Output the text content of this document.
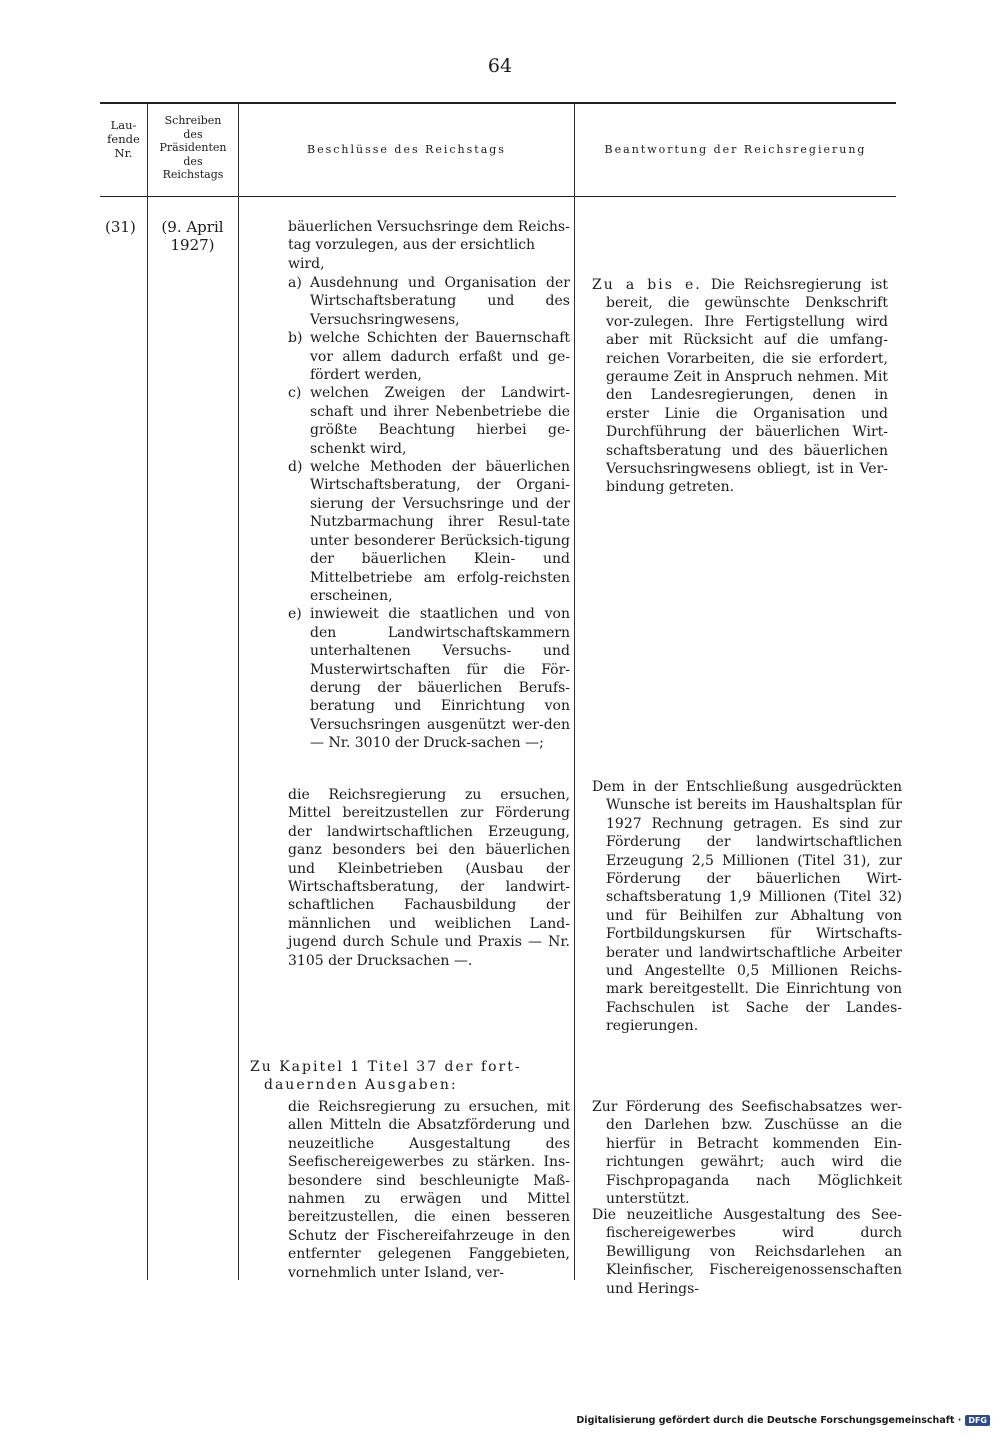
64
Lau-
fende
Nr.
Schreiben
des
Präsidenten
des
Reichstags
Beschlüsse des Reichstags	Beantwortung der Reichsregierung
(31)	(9. April
1927)
bäuerlichen Versuchsringe dem Reichs-
tag vorzulegen, aus der ersichtlich
wird,
a) Ausdehnung und Organisation der Wirtschaftsberatung und des Versuchsringwesens,
b) welche Schichten der Bauernschaft vor allem dadurch erfaßt und ge-fördert werden,
c) welchen Zweigen der Landwirt-schaft und ihrer Nebenbetriebe die größte Beachtung hierbei ge-schenkt wird,
d) welche Methoden der bäuerlichen Wirtschaftsberatung, der Organi-sierung der Versuchsringe und der Nutzbarmachung ihrer Resul-tate unter besonderer Berücksich-tigung der bäuerlichen Klein- und Mittelbetriebe am erfolg-reichsten erscheinen,
e) inwieweit die staatlichen und von den Landwirtschaftskammern unterhaltenen Versuchs- und Musterwirtschaften für die För-derung der bäuerlichen Berufs-beratung und Einrichtung von Versuchsringen ausgenützt wer-den — Nr. 3010 der Druck-sachen —;
die Reichsregierung zu ersuchen, Mittel bereitzustellen zur Förderung der landwirtschaftlichen Erzeugung, ganz besonders bei den bäuerlichen und Kleinbetrieben (Ausbau der Wirtschaftsberatung, der landwirt-schaftlichen Fachausbildung der männlichen und weiblichen Land-jugend durch Schule und Praxis — Nr. 3105 der Drucksachen —.
Zu Kapitel 1 Titel 37 der fort-dauernden Ausgaben:
die Reichsregierung zu ersuchen, mit allen Mitteln die Absatzförderung und neuzeitliche Ausgestaltung des Seefischereigewerbes zu stärken. Ins-besondere sind beschleunigte Maß-nahmen zu erwägen und Mittel bereitzustellen, die einen besseren Schutz der Fischereifahrzeuge in den entfernter gelegenen Fanggebieten, vornehmlich unter Island, ver-
Zu a bis e. Die Reichsregierung ist bereit, die gewünschte Denkschrift vor-zulegen. Ihre Fertigstellung wird aber mit Rücksicht auf die umfang-reichen Vorarbeiten, die sie erfordert, geraume Zeit in Anspruch nehmen. Mit den Landesregierungen, denen in erster Linie die Organisation und Durchführung der bäuerlichen Wirt-schaftsberatung und des bäuerlichen Versuchsringwesens obliegt, ist in Ver-bindung getreten.
Dem in der Entschließung ausgedrückten Wunsche ist bereits im Haushaltsplan für 1927 Rechnung getragen. Es sind zur Förderung der landwirtschaftlichen Erzeugung 2,5 Millionen (Titel 31), zur Förderung der bäuerlichen Wirt-schaftsberatung 1,9 Millionen (Titel 32) und für Beihilfen zur Abhaltung von Fortbildungskursen für Wirtschafts-berater und landwirtschaftliche Arbeiter und Angestellte 0,5 Millionen Reichs-mark bereitgestellt. Die Einrichtung von Fachschulen ist Sache der Landes-regierungen.
Zur Förderung des Seefischabsatzes wer-den Darlehen bzw. Zuschüsse an die hierfür in Betracht kommenden Ein-richtungen gewährt; auch wird die Fischpropaganda nach Möglichkeit unterstützt.
Die neuzeitliche Ausgestaltung des See-fischereigewerbes wird durch Bewilligung von Reichsdarlehen an Kleinfischer, Fischereigenossenschaften und Herings-
Digitalisierung gefördert durch die Deutsche Forschungsgemeinschaft · DFG
